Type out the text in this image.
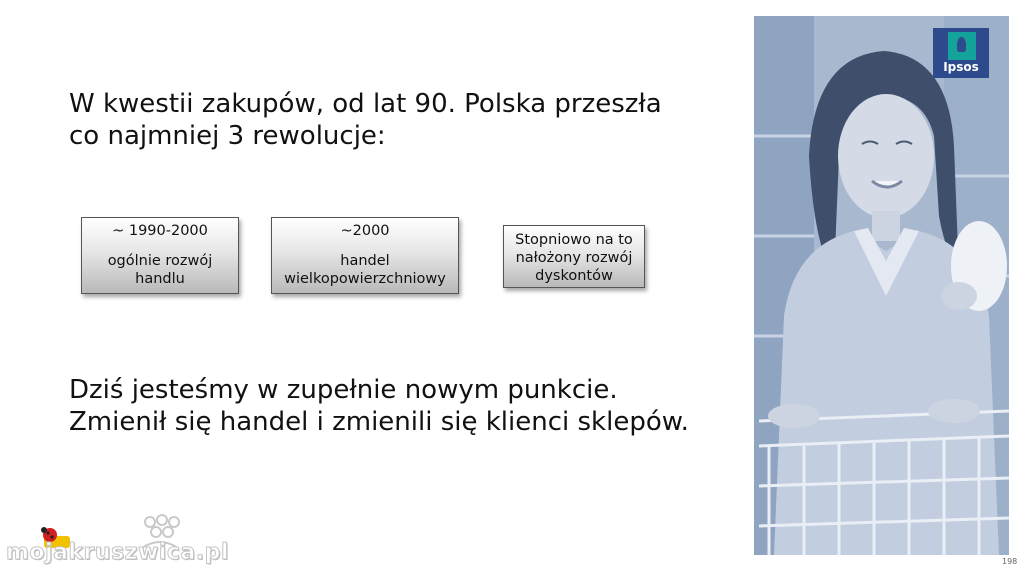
W kwestii zakupów, od lat 90. Polska przeszła
co najmniej 3 rewolucje:
~ 1990-2000
ogólnie rozwój handlu
~2000
handel wielkopowierzchniowy
Stopniowo na to
nałożony rozwój
dyskontów
Dziś jesteśmy w zupełnie nowym punkcie.
Zmienił się handel i zmienili się klienci sklepów.
Ipsos
198
mojakruszwica.pl
